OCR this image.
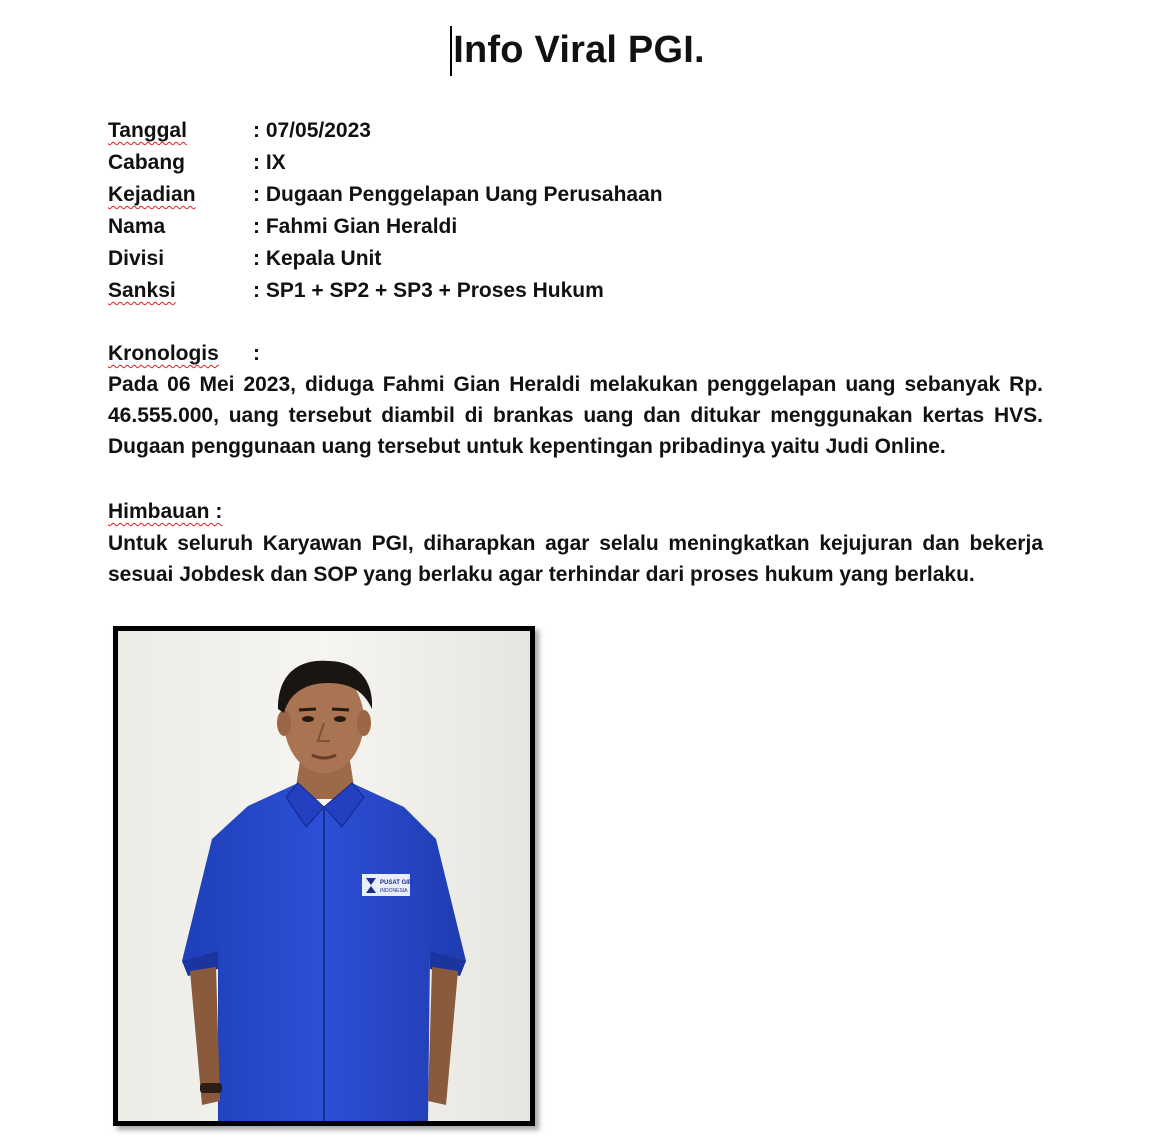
Info Viral PGI.
Tanggal	: 07/05/2023
Cabang	: IX
Kejadian	: Dugaan Penggelapan Uang Perusahaan
Nama	: Fahmi Gian Heraldi
Divisi	: Kepala Unit
Sanksi	: SP1 + SP2 + SP3 + Proses Hukum
Kronologis	:
Pada 06 Mei 2023, diduga Fahmi Gian Heraldi melakukan penggelapan uang sebanyak Rp. 46.555.000, uang tersebut diambil di brankas uang dan ditukar menggunakan kertas HVS. Dugaan penggunaan uang tersebut untuk kepentingan pribadinya yaitu Judi Online.
Himbauan :
Untuk seluruh Karyawan PGI, diharapkan agar selalu meningkatkan kejujuran dan bekerja sesuai Jobdesk dan SOP yang berlaku agar terhindar dari proses hukum yang berlaku.
PUSAT GIP
INDONESIA
